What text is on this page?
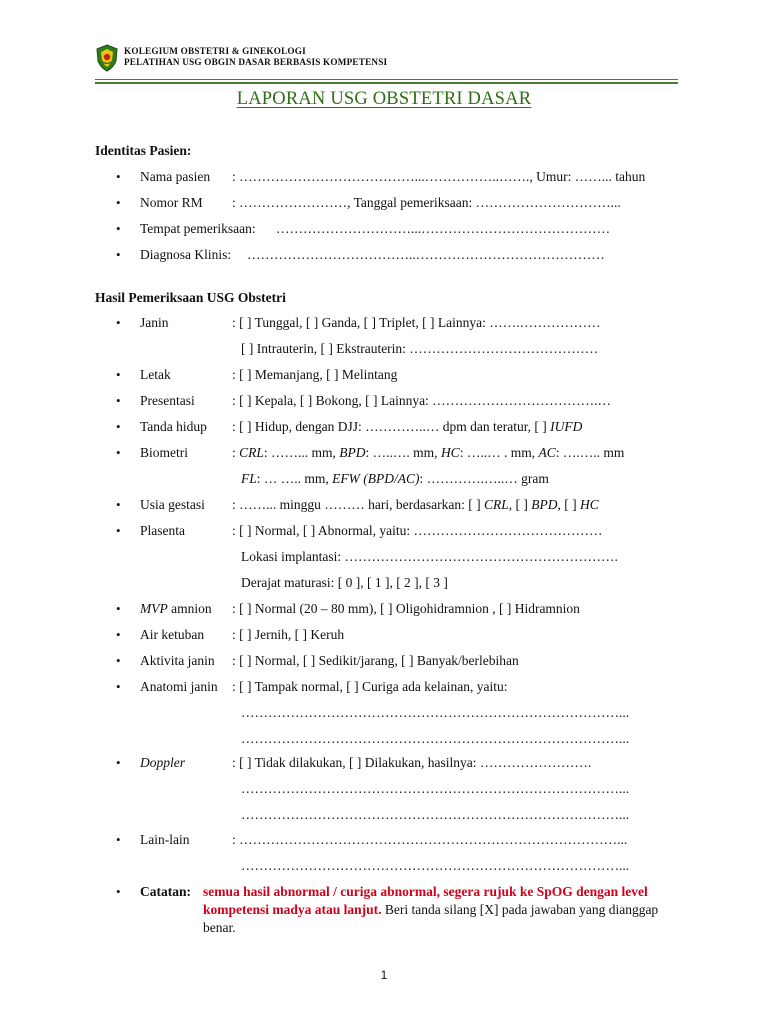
KOLEGIUM OBSTETRI & GINEKOLOGI
PELATIHAN USG OBGIN DASAR BERBASIS KOMPETENSI
LAPORAN USG OBSTETRI DASAR
Identitas Pasien:
• Nama pasien : …………………………………...……………..……., Umur: ……... tahun
• Nomor RM : ……………………, Tanggal pemeriksaan: …………………………...
• Tempat pemeriksaan: …………………………...……………………………………
• Diagnosa Klinis: ………………………………..……………………………………
Hasil Pemeriksaan USG Obstetri
• Janin	: [ ] Tunggal, [ ] Ganda, [ ] Triplet, [ ] Lainnya: …….………………
[ ] Intrauterin, [ ] Ekstrauterin: ……………………………………
• Letak	: [ ] Memanjang, [ ] Melintang
• Presentasi	: [ ] Kepala, [ ] Bokong, [ ] Lainnya: ……………………………….…
• Tanda hidup : [ ] Hidup, dengan DJJ: …………..… dpm dan teratur, [ ] IUFD
• Biometri	: CRL: ……... mm, BPD: …..…. mm, HC: …..… . mm, AC: ….….. mm
FL: … ….. mm, EFW (BPD/AC): ………….…..… gram
• Usia gestasi : ……... minggu ……… hari, berdasarkan: [ ] CRL, [ ] BPD, [ ] HC
• Plasenta	: [ ] Normal, [ ] Abnormal, yaitu: ……………………………………
Lokasi implantasi: …………………………………………………….
Derajat maturasi: [ 0 ], [ 1 ], [ 2 ], [ 3 ]
• MVP amnion : [ ] Normal (20 – 80 mm), [ ] Oligohidramnion , [ ] Hidramnion
• Air ketuban : [ ] Jernih, [ ] Keruh
• Aktivita janin : [ ] Normal, [ ] Sedikit/jarang, [ ] Banyak/berlebihan
• Anatomi janin : [ ] Tampak normal, [ ] Curiga ada kelainan, yaitu:
…………………………………………………………………………...
…………………………………………………………………………...
• Doppler	: [ ] Tidak dilakukan, [ ] Dilakukan, hasilnya: …………………….
…………………………………………………………………………...
…………………………………………………………………………...
• Lain-lain	: …………………………………………………………………………...
…………………………………………………………………………...
• Catatan: semua hasil abnormal / curiga abnormal, segera rujuk ke SpOG dengan level kompetensi madya atau lanjut. Beri tanda silang [X] pada jawaban yang dianggap benar.
1
